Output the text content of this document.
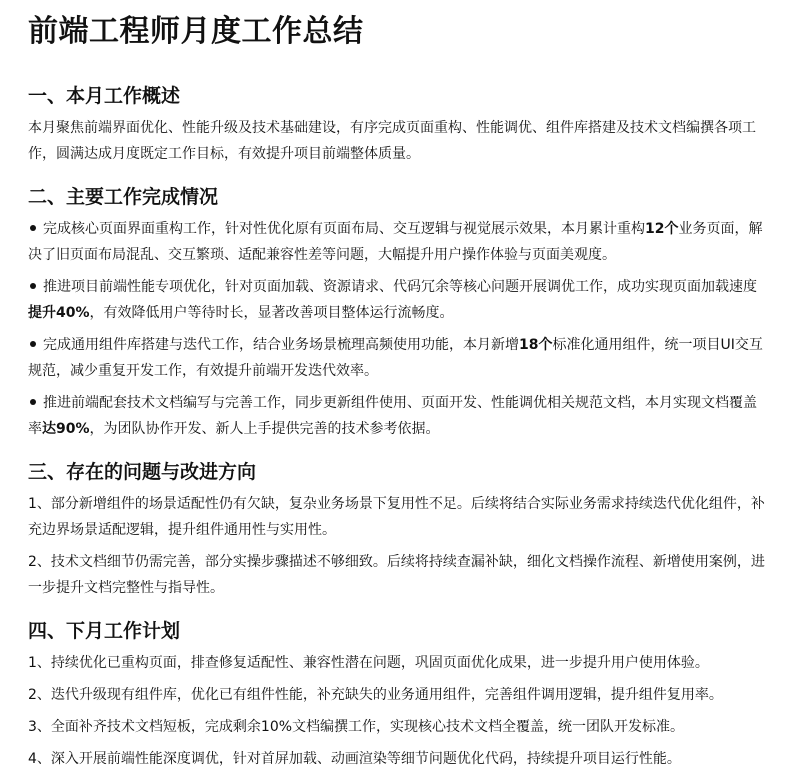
前端工程师月度工作总结
一、本月工作概述

本月聚焦前端界面优化、性能升级及技术基础建设，有序完成页面重构、性能调优、组件库搭建及技术文档编撰各项工作，圆满达成月度既定工作目标，有效提升项目前端整体质量。

二、主要工作完成情况
完成核心页面界面重构工作，针对性优化原有页面布局、交互逻辑与视觉展示效果，本月累计重构12个业务页面，解决了旧页面布局混乱、交互繁琐、适配兼容性差等问题，大幅提升用户操作体验与页面美观度。
推进项目前端性能专项优化，针对页面加载、资源请求、代码冗余等核心问题开展调优工作，成功实现页面加载速度提升40%，有效降低用户等待时长，显著改善项目整体运行流畅度。
完成通用组件库搭建与迭代工作，结合业务场景梳理高频使用功能，本月新增18个标准化通用组件，统一项目UI交互规范，减少重复开发工作，有效提升前端开发迭代效率。
推进前端配套技术文档编写与完善工作，同步更新组件使用、页面开发、性能调优相关规范文档，本月实现文档覆盖率达90%，为团队协作开发、新人上手提供完善的技术参考依据。
三、存在的问题与改进方向
1、部分新增组件的场景适配性仍有欠缺，复杂业务场景下复用性不足。后续将结合实际业务需求持续迭代优化组件，补充边界场景适配逻辑，提升组件通用性与实用性。
2、技术文档细节仍需完善，部分实操步骤描述不够细致。后续将持续查漏补缺，细化文档操作流程、新增使用案例，进一步提升文档完整性与指导性。
四、下月工作计划
1、持续优化已重构页面，排查修复适配性、兼容性潜在问题，巩固页面优化成果，进一步提升用户使用体验。
2、迭代升级现有组件库，优化已有组件性能，补充缺失的业务通用组件，完善组件调用逻辑，提升组件复用率。
3、全面补齐技术文档短板，完成剩余10%文档编撰工作，实现核心技术文档全覆盖，统一团队开发标准。
4、深入开展前端性能深度调优，针对首屏加载、动画渲染等细节问题优化代码，持续提升项目运行性能。
